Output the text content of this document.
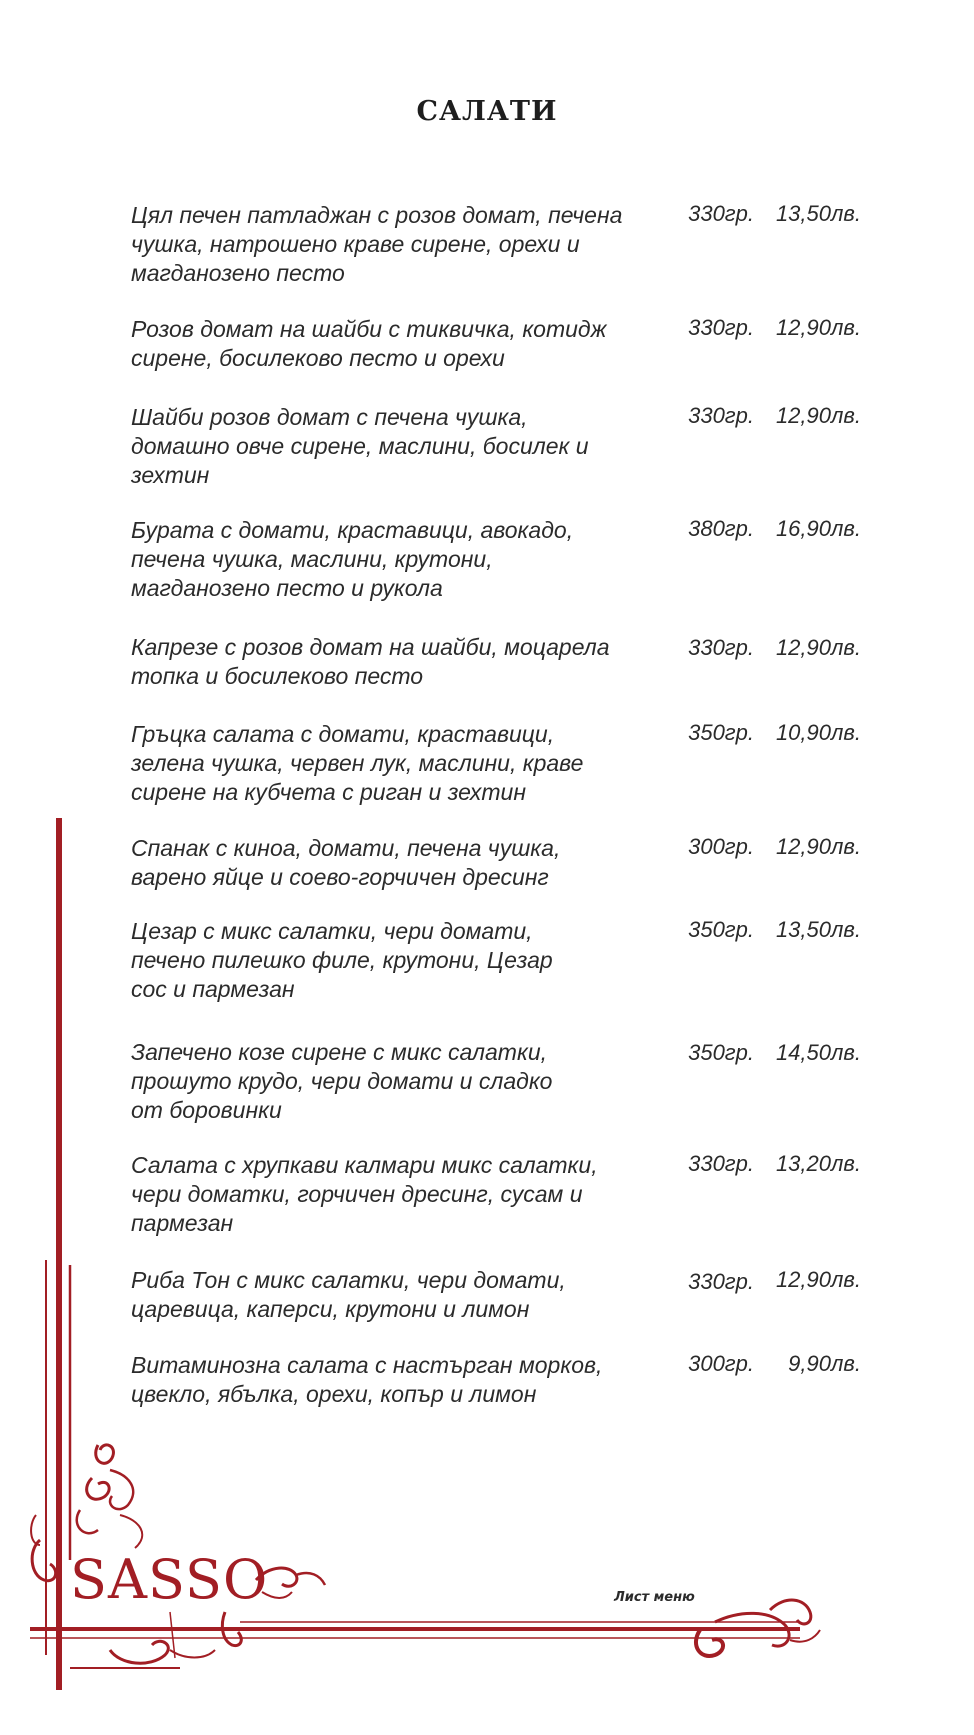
САЛАТИ
Цял печен патладжан с розов домат, печена
чушка, натрошено краве сирене, орехи и
магданозено песто
330гр. 13,50лв.
Розов домат на шайби с тиквичка, котидж
сирене, босилеково песто и орехи
330гр. 12,90лв.
Шайби розов домат с печена чушка,
домашно овче сирене, маслини, босилек и
зехтин
330гр. 12,90лв.
Бурата с домати, краставици, авокадо,
печена чушка, маслини, крутони,
магданозено песто и рукола
380гр. 16,90лв.
Капрезе с розов домат на шайби, моцарела
топка и босилеково песто
330гр. 12,90лв.
Гръцка салата с домати, краставици,
зелена чушка, червен лук, маслини, краве
сирене на кубчета с риган и зехтин
350гр. 10,90лв.
Спанак с киноа, домати, печена чушка,
варено яйце и соево-горчичен дресинг
300гр. 12,90лв.
Цезар с микс салатки, чери домати,
печено пилешко филе, крутони, Цезар
сос и пармезан
350гр. 13,50лв.
Запечено козе сирене с микс салатки,
прошуто крудо, чери домати и сладко
от боровинки
350гр. 14,50лв.
Салата с хрупкави калмари микс салатки,
чери доматки, горчичен дресинг, сусам и
пармезан
330гр. 13,20лв.
Риба Тон с микс салатки, чери домати,
царевица, каперси, крутони и лимон
330гр. 12,90лв.
Витаминозна салата с настърган морков,
цвекло, ябълка, орехи, копър и лимон
300гр.	9,90лв.
SASSO	Лист меню
